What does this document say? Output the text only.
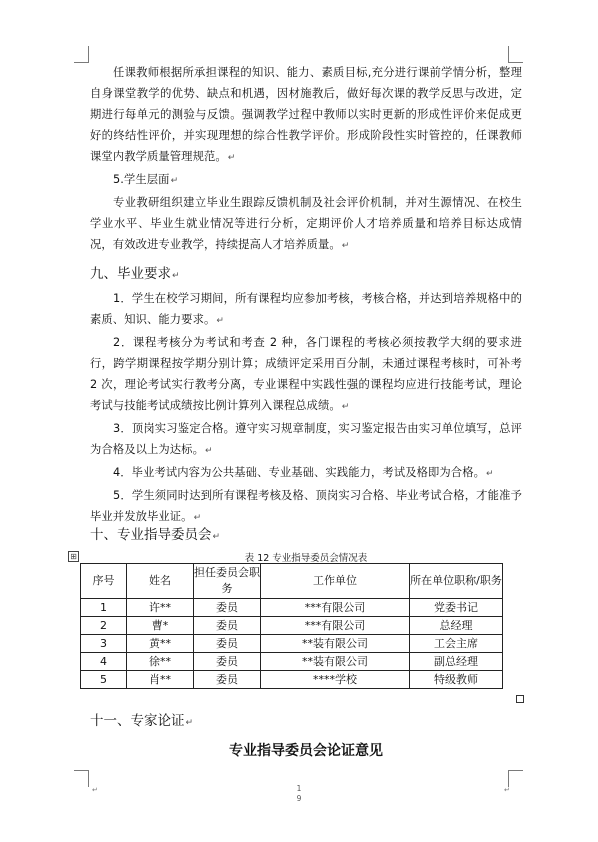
任课教师根据所承担课程的知识、能力、素质目标,充分进行课前学情分析，整理自身课堂教学的优势、缺点和机遇，因材施教后，做好每次课的教学反思与改进，定期进行每单元的测验与反馈。强调教学过程中教师以实时更新的形成性评价来促成更好的终结性评价，并实现理想的综合性教学评价。形成阶段性实时管控的，任课教师课堂内教学质量管理规范。↵

5.学生层面↵

专业教研组织建立毕业生跟踪反馈机制及社会评价机制，并对生源情况、在校生学业水平、毕业生就业情况等进行分析，定期评价人才培养质量和培养目标达成情况，有效改进专业教学，持续提高人才培养质量。↵

九、毕业要求↵

1．学生在校学习期间，所有课程均应参加考核，考核合格，并达到培养规格中的素质、知识、能力要求。↵

2．课程考核分为考试和考查 2 种，各门课程的考核必须按教学大纲的要求进行，跨学期课程按学期分别计算；成绩评定采用百分制，未通过课程考核时，可补考 2 次，理论考试实行教考分离，专业课程中实践性强的课程均应进行技能考试，理论考试与技能考试成绩按比例计算列入课程总成绩。↵

3．顶岗实习鉴定合格。遵守实习规章制度，实习鉴定报告由实习单位填写，总评为合格及以上为达标。↵

4．毕业考试内容为公共基础、专业基础、实践能力，考试及格即为合格。↵

5．学生须同时达到所有课程考核及格、顶岗实习合格、毕业考试合格，才能准予毕业并发放毕业证。↵

十、专业指导委员会↵
⊞	表 12 专业指导委员会情况表
序号	姓名	担任委员会职务	工作单位	所在单位职称/职务
1	许**	委员	***有限公司	党委书记
2	曹*	委员	***有限公司	总经理
3	黄**	委员	**装有限公司	工会主席
4	徐**	委员	**装有限公司	副总经理
5	肖**	委员	****学校	特级教师
十一、专家论证↵
专业指导委员会论证意见
1
9
↵	↵
